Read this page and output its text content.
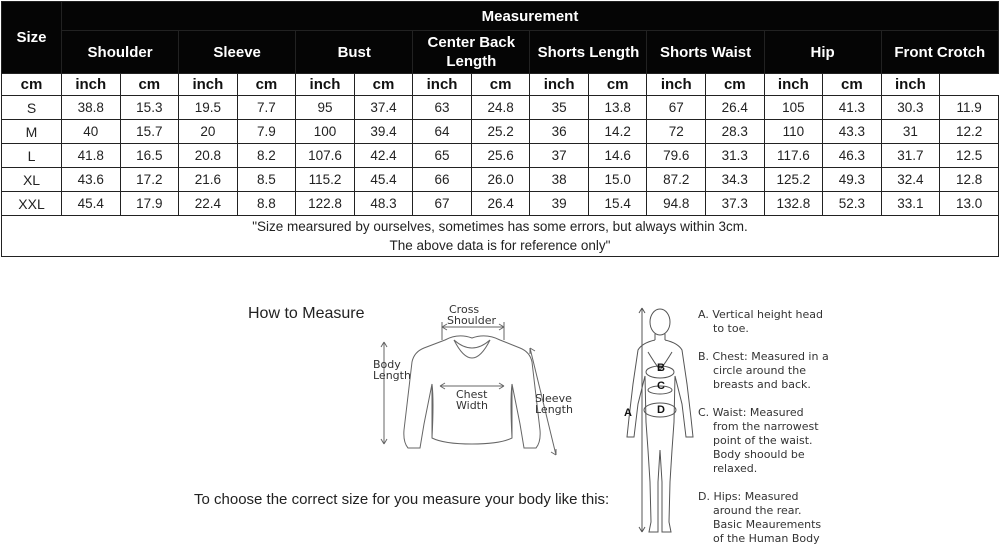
Size	Measurement															
	Shoulder		Sleeve		Bust		Center Back Length		Shorts Length		Shorts Waist		Hip		Front Crotch	
cm	inch	cm	inch	cm	inch	cm	inch	cm	inch	cm	inch	cm	inch	cm	inch	
S	38.8	15.3	19.5	7.7	95	37.4	63	24.8	35	13.8	67	26.4	105	41.3	30.3	11.9
M	40	15.7	20	7.9	100	39.4	64	25.2	36	14.2	72	28.3	110	43.3	31	12.2
L	41.8	16.5	20.8	8.2	107.6	42.4	65	25.6	37	14.6	79.6	31.3	117.6	46.3	31.7	12.5
XL	43.6	17.2	21.6	8.5	115.2	45.4	66	26.0	38	15.0	87.2	34.3	125.2	49.3	32.4	12.8
XXL	45.4	17.9	22.4	8.8	122.8	48.3	67	26.4	39	15.4	94.8	37.3	132.8	52.3	33.1	13.0

"Size mearsured by ourselves, sometimes has some errors, but always within 3cm.
The above data is for reference only"																
How to Measure	Cross
Shoulder
Body
Length
Chest
Width
Sleeve
Length	A
B
C
D
A. Vertical height head
to toe.
B. Chest: Measured in a
circle around the
breasts and back.
C. Waist: Measured
from the narrowest
point of the waist.
Body shoould be
relaxed.
D. Hips: Measured
around the rear.
Basic Meaurements
of the Human Body
To choose the correct size for you measure your body like this:
